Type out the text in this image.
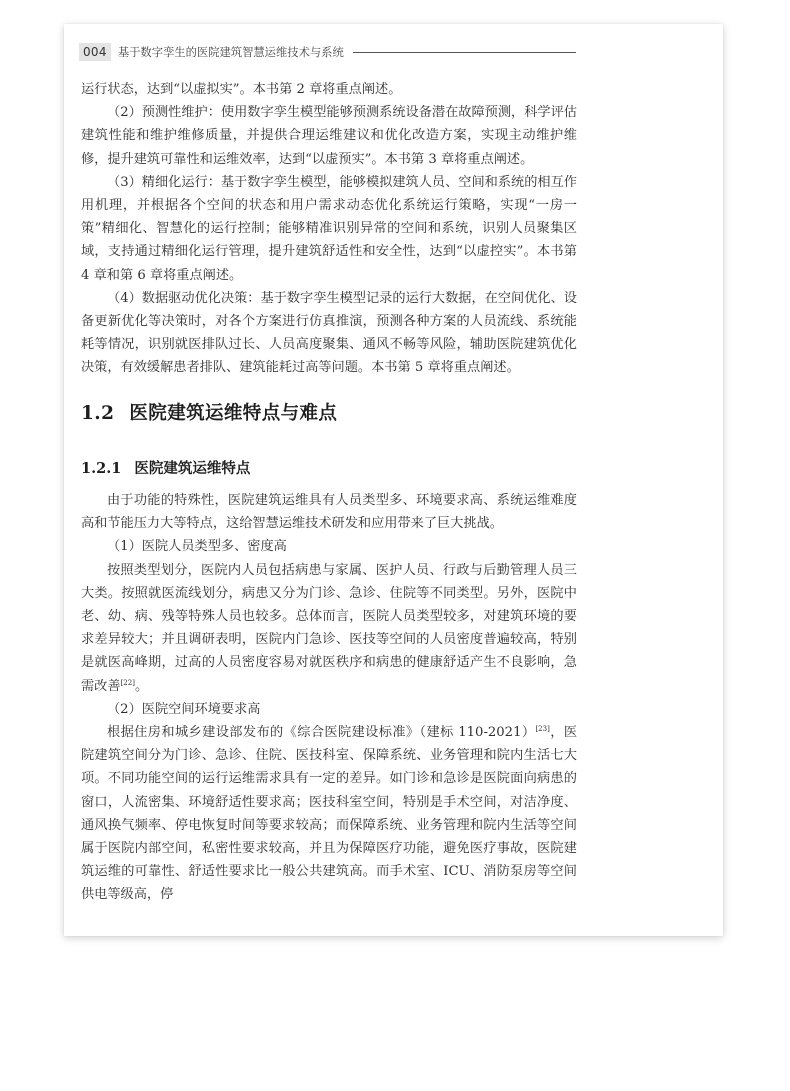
004 基于数字孪生的医院建筑智慧运维技术与系统

运行状态，达到“以虚拟实”。本书第 2 章将重点阐述。

（2）预测性维护：使用数字孪生模型能够预测系统设备潜在故障预测，科学评估建筑性能和维护维修质量，并提供合理运维建议和优化改造方案，实现主动维护维修，提升建筑可靠性和运维效率，达到“以虚预实”。本书第 3 章将重点阐述。

（3）精细化运行：基于数字孪生模型，能够模拟建筑人员、空间和系统的相互作用机理，并根据各个空间的状态和用户需求动态优化系统运行策略，实现“一房一策”精细化、智慧化的运行控制；能够精准识别异常的空间和系统，识别人员聚集区域，支持通过精细化运行管理，提升建筑舒适性和安全性，达到“以虚控实”。本书第 4 章和第 6 章将重点阐述。

（4）数据驱动优化决策：基于数字孪生模型记录的运行大数据，在空间优化、设备更新优化等决策时，对各个方案进行仿真推演，预测各种方案的人员流线、系统能耗等情况，识别就医排队过长、人员高度聚集、通风不畅等风险，辅助医院建筑优化决策，有效缓解患者排队、建筑能耗过高等问题。本书第 5 章将重点阐述。

1.2 医院建筑运维特点与难点
1.2.1 医院建筑运维特点

由于功能的特殊性，医院建筑运维具有人员类型多、环境要求高、系统运维难度高和节能压力大等特点，这给智慧运维技术研发和应用带来了巨大挑战。

（1）医院人员类型多、密度高

按照类型划分，医院内人员包括病患与家属、医护人员、行政与后勤管理人员三大类。按照就医流线划分，病患又分为门诊、急诊、住院等不同类型。另外，医院中老、幼、病、残等特殊人员也较多。总体而言，医院人员类型较多，对建筑环境的要求差异较大；并且调研表明，医院内门急诊、医技等空间的人员密度普遍较高，特别是就医高峰期，过高的人员密度容易对就医秩序和病患的健康舒适产生不良影响，急需改善[22]。

（2）医院空间环境要求高

根据住房和城乡建设部发布的《综合医院建设标准》（建标 110-2021）[23]，医院建筑空间分为门诊、急诊、住院、医技科室、保障系统、业务管理和院内生活七大项。不同功能空间的运行运维需求具有一定的差异。如门诊和急诊是医院面向病患的窗口，人流密集、环境舒适性要求高；医技科室空间，特别是手术空间，对洁净度、通风换气频率、停电恢复时间等要求较高；而保障系统、业务管理和院内生活等空间属于医院内部空间，私密性要求较高，并且为保障医疗功能，避免医疗事故，医院建筑运维的可靠性、舒适性要求比一般公共建筑高。而手术室、ICU、消防泵房等空间供电等级高，停
